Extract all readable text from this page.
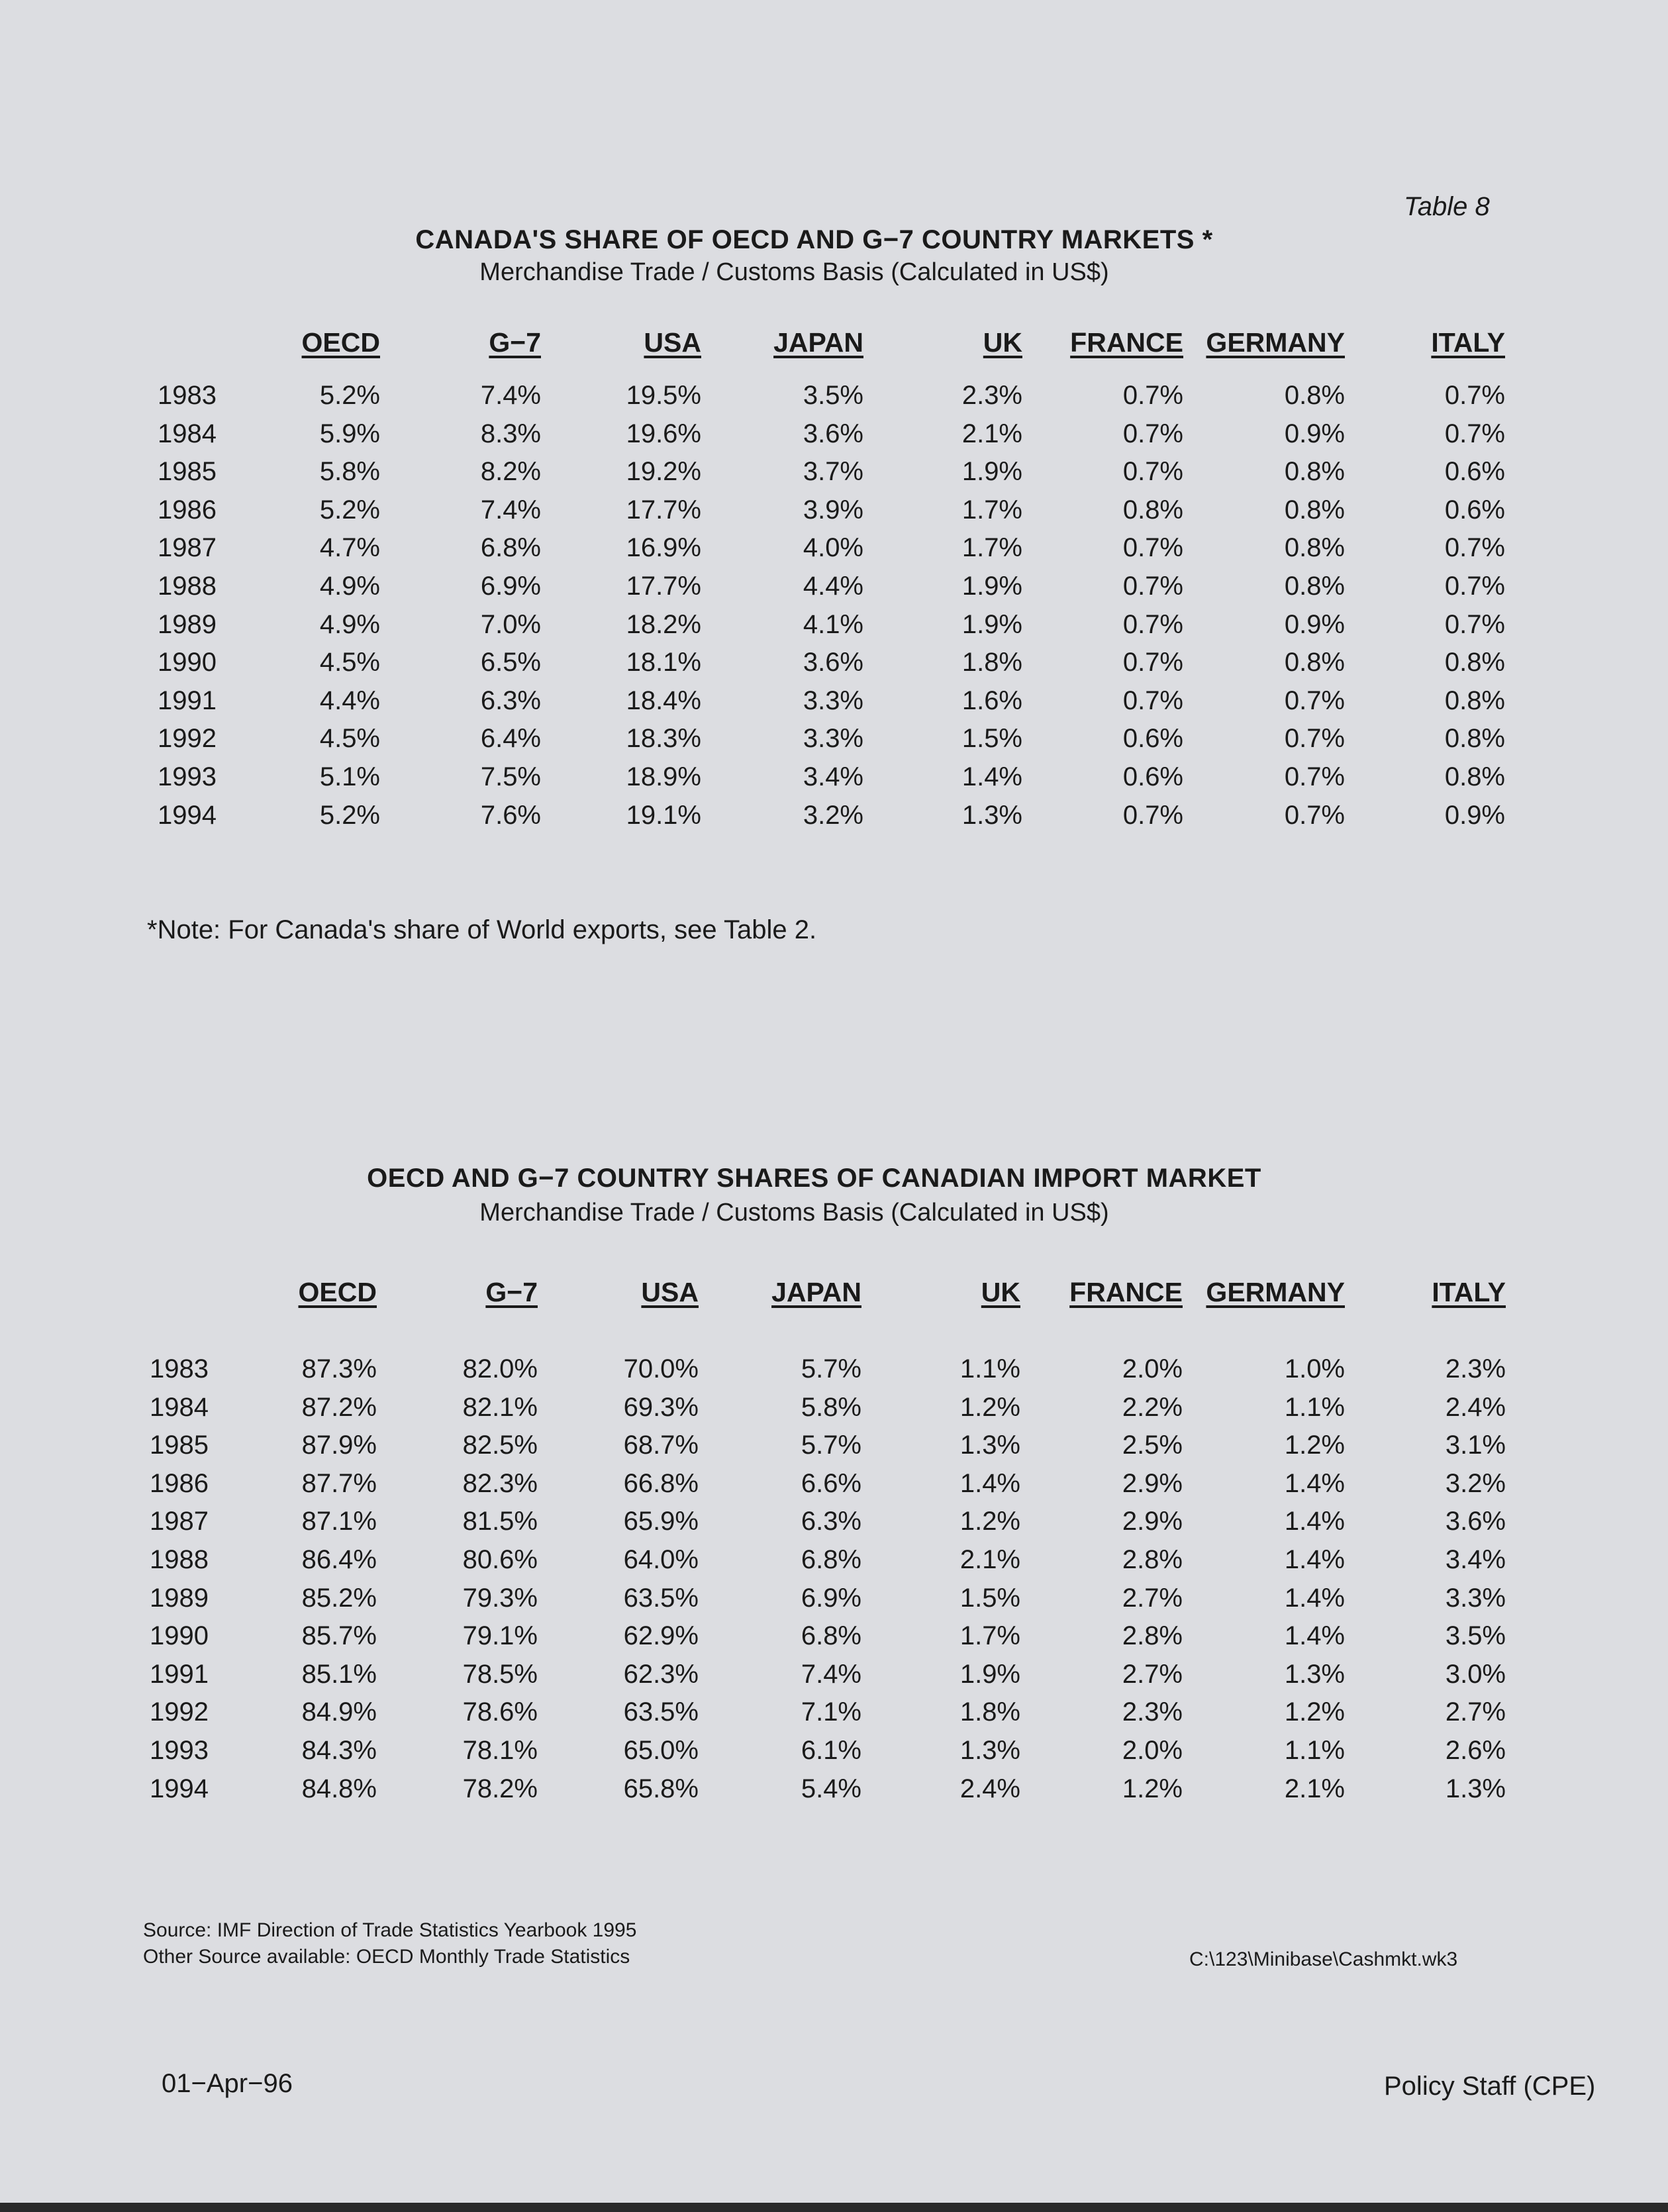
Table 8
CANADA'S SHARE OF OECD AND G−7 COUNTRY MARKETS *
Merchandise Trade / Customs Basis (Calculated in US$)
OECD	G−7	USA	JAPAN	UK FRANCE GERMANY	ITALY
1983	5.2%	7.4%	19.5%	3.5%	2.3%	0.7%	0.8%	0.7%
1984	5.9%	8.3%	19.6%	3.6%	2.1%	0.7%	0.9%	0.7%
1985	5.8%	8.2%	19.2%	3.7%	1.9%	0.7%	0.8%	0.6%
1986	5.2%	7.4%	17.7%	3.9%	1.7%	0.8%	0.8%	0.6%
1987	4.7%	6.8%	16.9%	4.0%	1.7%	0.7%	0.8%	0.7%
1988	4.9%	6.9%	17.7%	4.4%	1.9%	0.7%	0.8%	0.7%
1989	4.9%	7.0%	18.2%	4.1%	1.9%	0.7%	0.9%	0.7%
1990	4.5%	6.5%	18.1%	3.6%	1.8%	0.7%	0.8%	0.8%
1991	4.4%	6.3%	18.4%	3.3%	1.6%	0.7%	0.7%	0.8%
1992	4.5%	6.4%	18.3%	3.3%	1.5%	0.6%	0.7%	0.8%
1993	5.1%	7.5%	18.9%	3.4%	1.4%	0.6%	0.7%	0.8%
1994	5.2%	7.6%	19.1%	3.2%	1.3%	0.7%	0.7%	0.9%
*Note: For Canada's share of World exports, see Table 2.
OECD AND G−7 COUNTRY SHARES OF CANADIAN IMPORT MARKET
Merchandise Trade / Customs Basis (Calculated in US$)
OECD	G−7	USA	JAPAN	UK FRANCE GERMANY	ITALY
1983	87.3%	82.0%	70.0%	5.7%	1.1%	2.0%	1.0%	2.3%
1984	87.2%	82.1%	69.3%	5.8%	1.2%	2.2%	1.1%	2.4%
1985	87.9%	82.5%	68.7%	5.7%	1.3%	2.5%	1.2%	3.1%
1986	87.7%	82.3%	66.8%	6.6%	1.4%	2.9%	1.4%	3.2%
1987	87.1%	81.5%	65.9%	6.3%	1.2%	2.9%	1.4%	3.6%
1988	86.4%	80.6%	64.0%	6.8%	2.1%	2.8%	1.4%	3.4%
1989	85.2%	79.3%	63.5%	6.9%	1.5%	2.7%	1.4%	3.3%
1990	85.7%	79.1%	62.9%	6.8%	1.7%	2.8%	1.4%	3.5%
1991	85.1%	78.5%	62.3%	7.4%	1.9%	2.7%	1.3%	3.0%
1992	84.9%	78.6%	63.5%	7.1%	1.8%	2.3%	1.2%	2.7%
1993	84.3%	78.1%	65.0%	6.1%	1.3%	2.0%	1.1%	2.6%
1994	84.8%	78.2%	65.8%	5.4%	2.4%	1.2%	2.1%	1.3%
Source: IMF Direction of Trade Statistics Yearbook 1995
Other Source available: OECD Monthly Trade Statistics	C:\123\Minibase\Cashmkt.wk3
01−Apr−96	Policy Staff (CPE)
